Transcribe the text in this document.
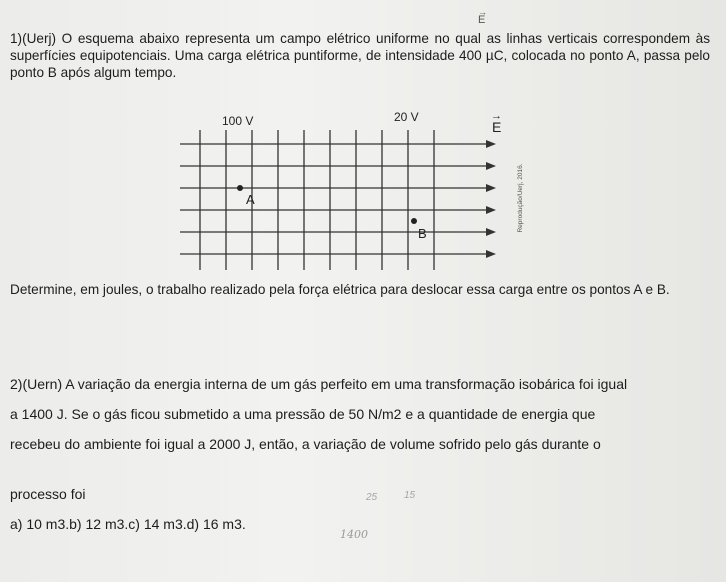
→
E
1)(Uerj) O esquema abaixo representa um campo elétrico uniforme no qual as linhas verticais correspondem às superfícies equipotenciais. Uma carga elétrica puntiforme, de intensidade 400 µC, colocada no ponto A, passa pelo ponto B após algum tempo.
100 V	20 V	→
E
A
B
Reprodução/Uerj, 2016.
Determine, em joules, o trabalho realizado pela força elétrica para deslocar essa carga entre os pontos A e B.

2)(Uern) A variação da energia interna de um gás perfeito em uma transformação isobárica foi igual

a 1400 J. Se o gás ficou submetido a uma pressão de 50 N/m2 e a quantidade de energia que

recebeu do ambiente foi igual a 2000 J, então, a variação de volume sofrido pelo gás durante o

processo foi

a) 10 m3.b) 12 m3.c) 14 m3.d) 16 m3.

25	15
1400
